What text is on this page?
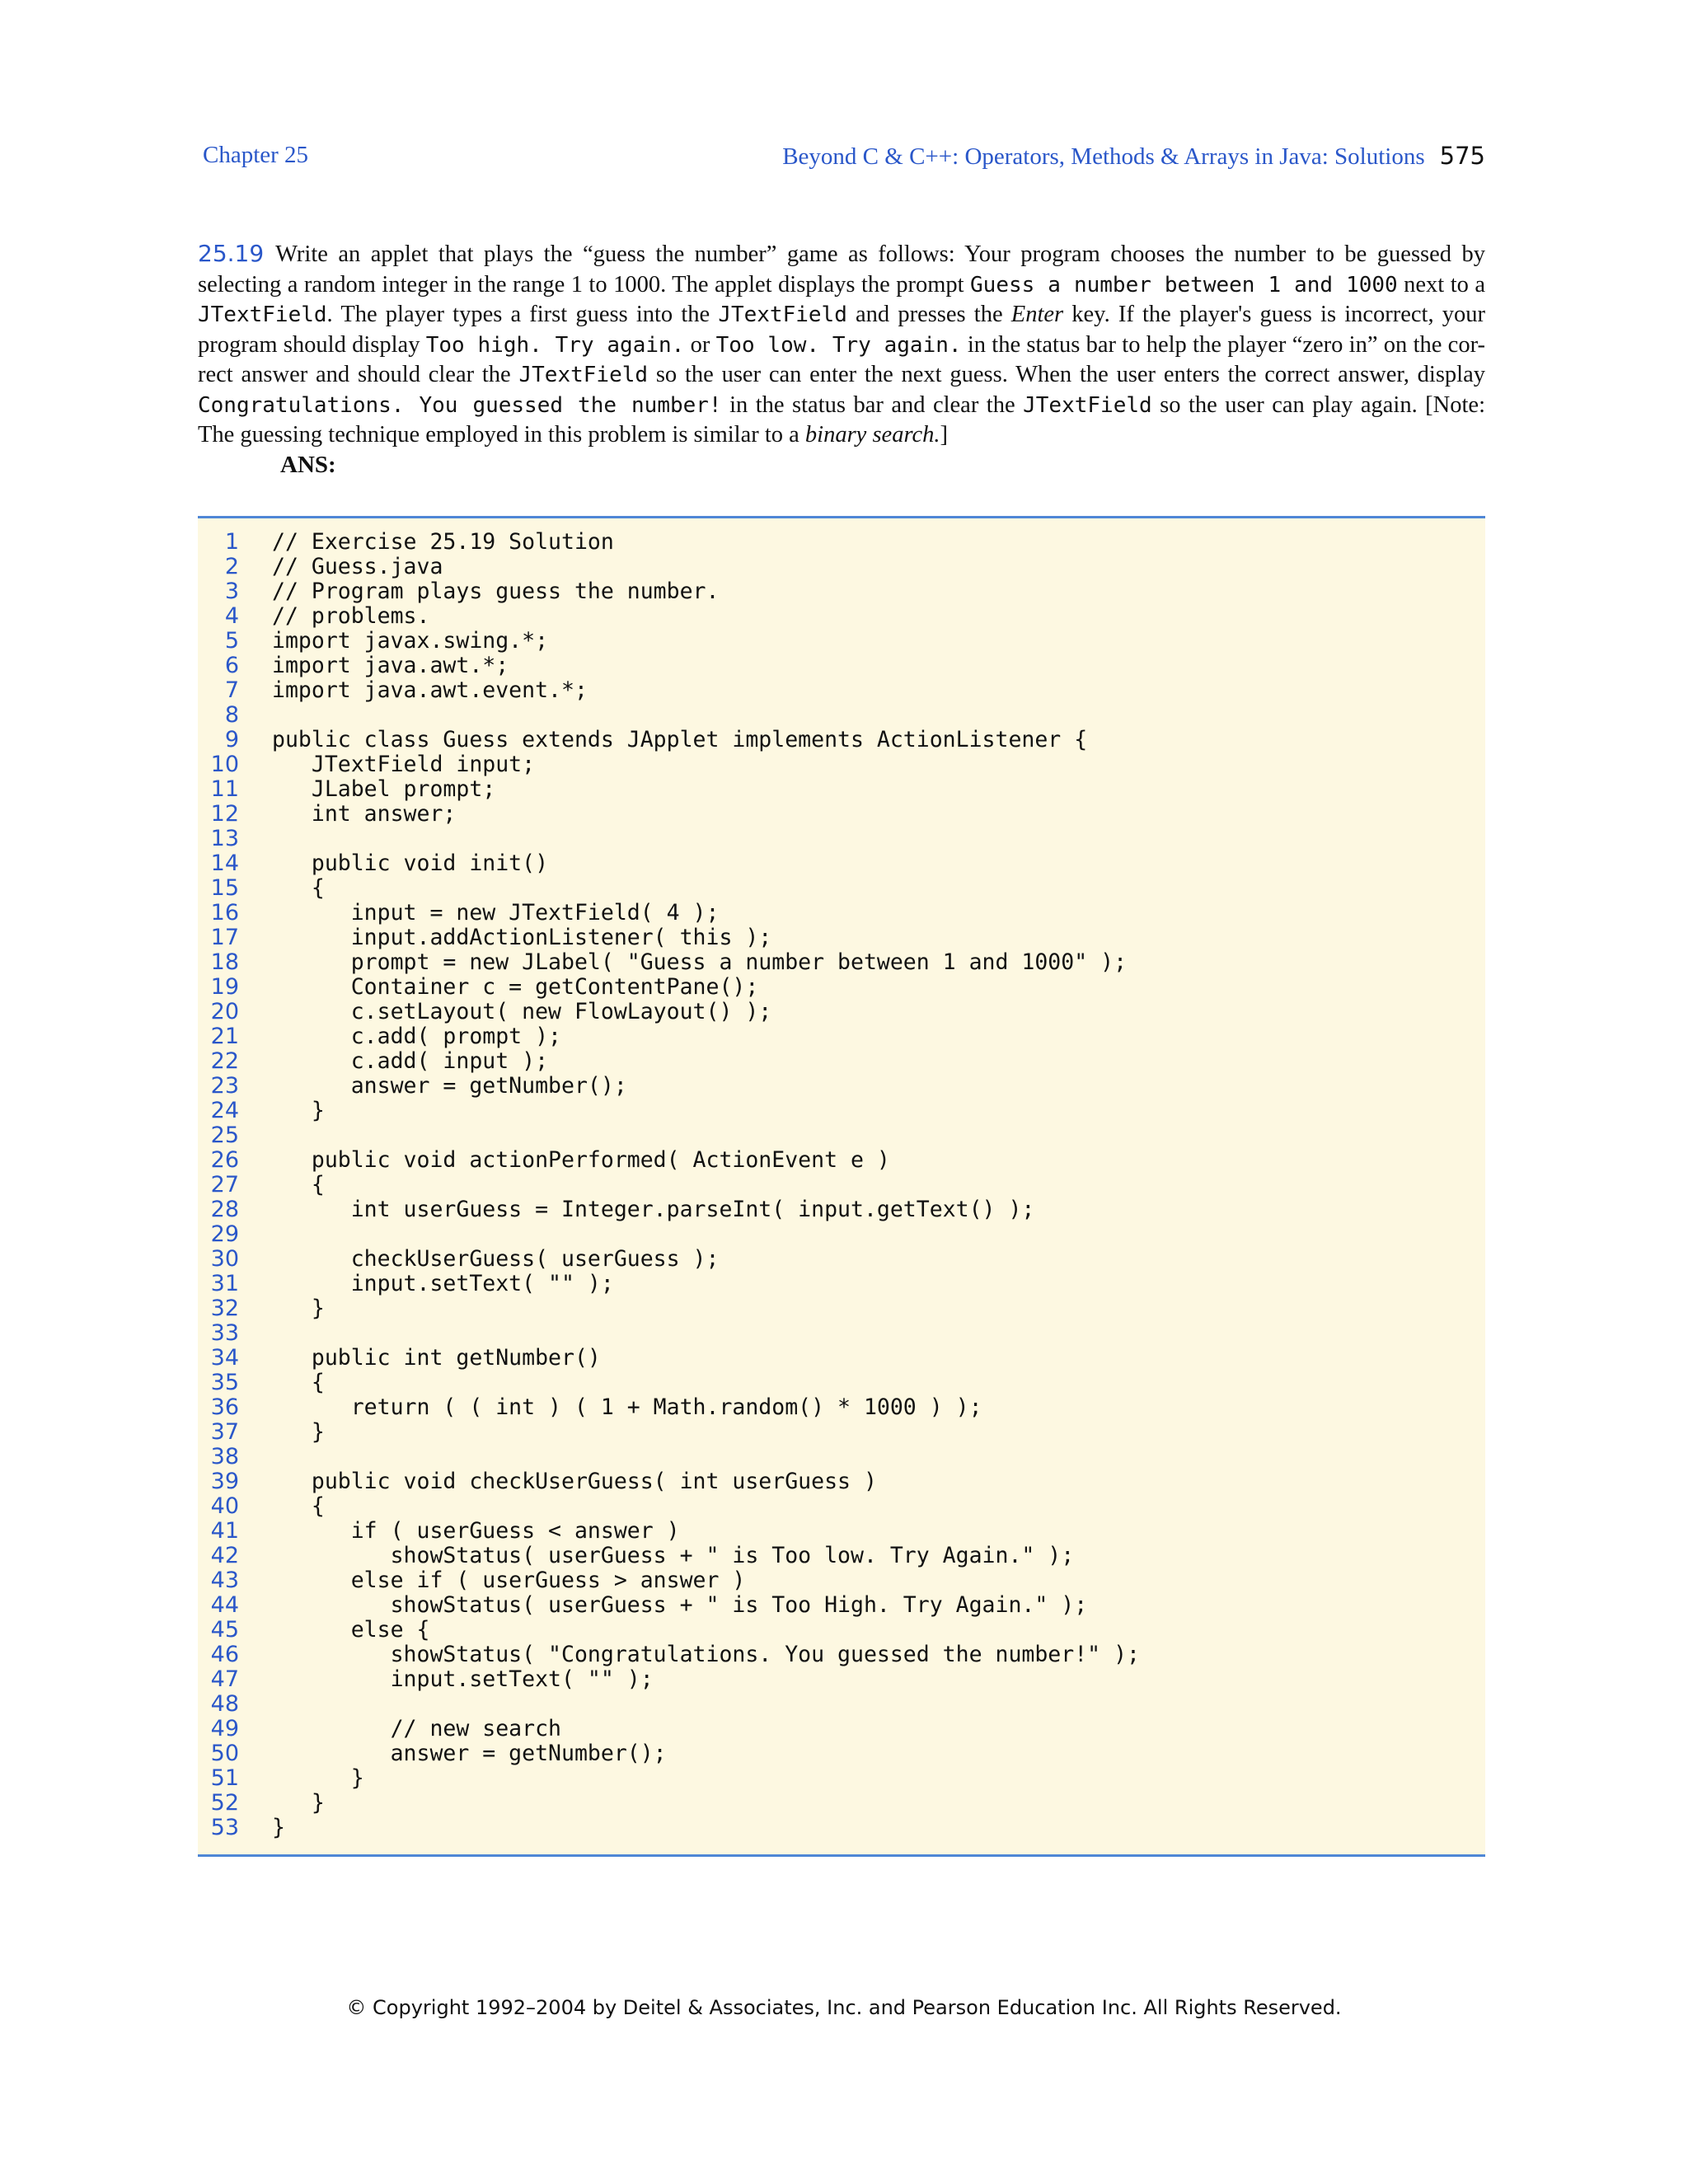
Chapter 25	Beyond C & C++: Operators, Methods & Arrays in Java: Solutions 575

25.19 Write an applet that plays the “guess the number” game as follows: Your program chooses the number to be guessed by selecting a random integer in the range 1 to 1000. The applet displays the prompt Guess a number between 1 and 1000 next to a JTextField. The player types a first guess into the JTextField and presses the Enter key. If the player's guess is incorrect, your program should display Too high. Try again. or Too low. Try again. in the status bar to help the player “zero in” on the cor-rect answer and should clear the JTextField so the user can enter the next guess. When the user enters the correct answer, display Congratulations. You guessed the number! in the status bar and clear the JTextField so the user can play again. [Note: The guessing technique employed in this problem is similar to a binary search.]

ANS:
1 // Exercise 25.19 Solution
2 // Guess.java
3 // Program plays guess the number.
4 // problems.
5 import javax.swing.*;
6 import java.awt.*;
7 import java.awt.event.*;
8
9 public class Guess extends JApplet implements ActionListener {
10 JTextField input;
11 JLabel prompt;
12 int answer;
13
14 public void init()
15 {
16 input = new JTextField( 4 );
17 input.addActionListener( this );
18 prompt = new JLabel( "Guess a number between 1 and 1000" );
19 Container c = getContentPane();
20 c.setLayout( new FlowLayout() );
21 c.add( prompt );
22 c.add( input );
23 answer = getNumber();
24 }
25
26 public void actionPerformed( ActionEvent e )
27 {
28 int userGuess = Integer.parseInt( input.getText() );
29
30 checkUserGuess( userGuess );
31 input.setText( "" );
32 }
33
34 public int getNumber()
35 {
36 return ( ( int ) ( 1 + Math.random() * 1000 ) );
37 }
38
39 public void checkUserGuess( int userGuess )
40 {
41 if ( userGuess < answer )
42 showStatus( userGuess + " is Too low. Try Again." );
43 else if ( userGuess > answer )
44 showStatus( userGuess + " is Too High. Try Again." );
45 else {
46 showStatus( "Congratulations. You guessed the number!" );
47 input.setText( "" );
48
49 // new search
50 answer = getNumber();
51 }
52 }
53 }
© Copyright 1992–2004 by Deitel & Associates, Inc. and Pearson Education Inc. All Rights Reserved.
